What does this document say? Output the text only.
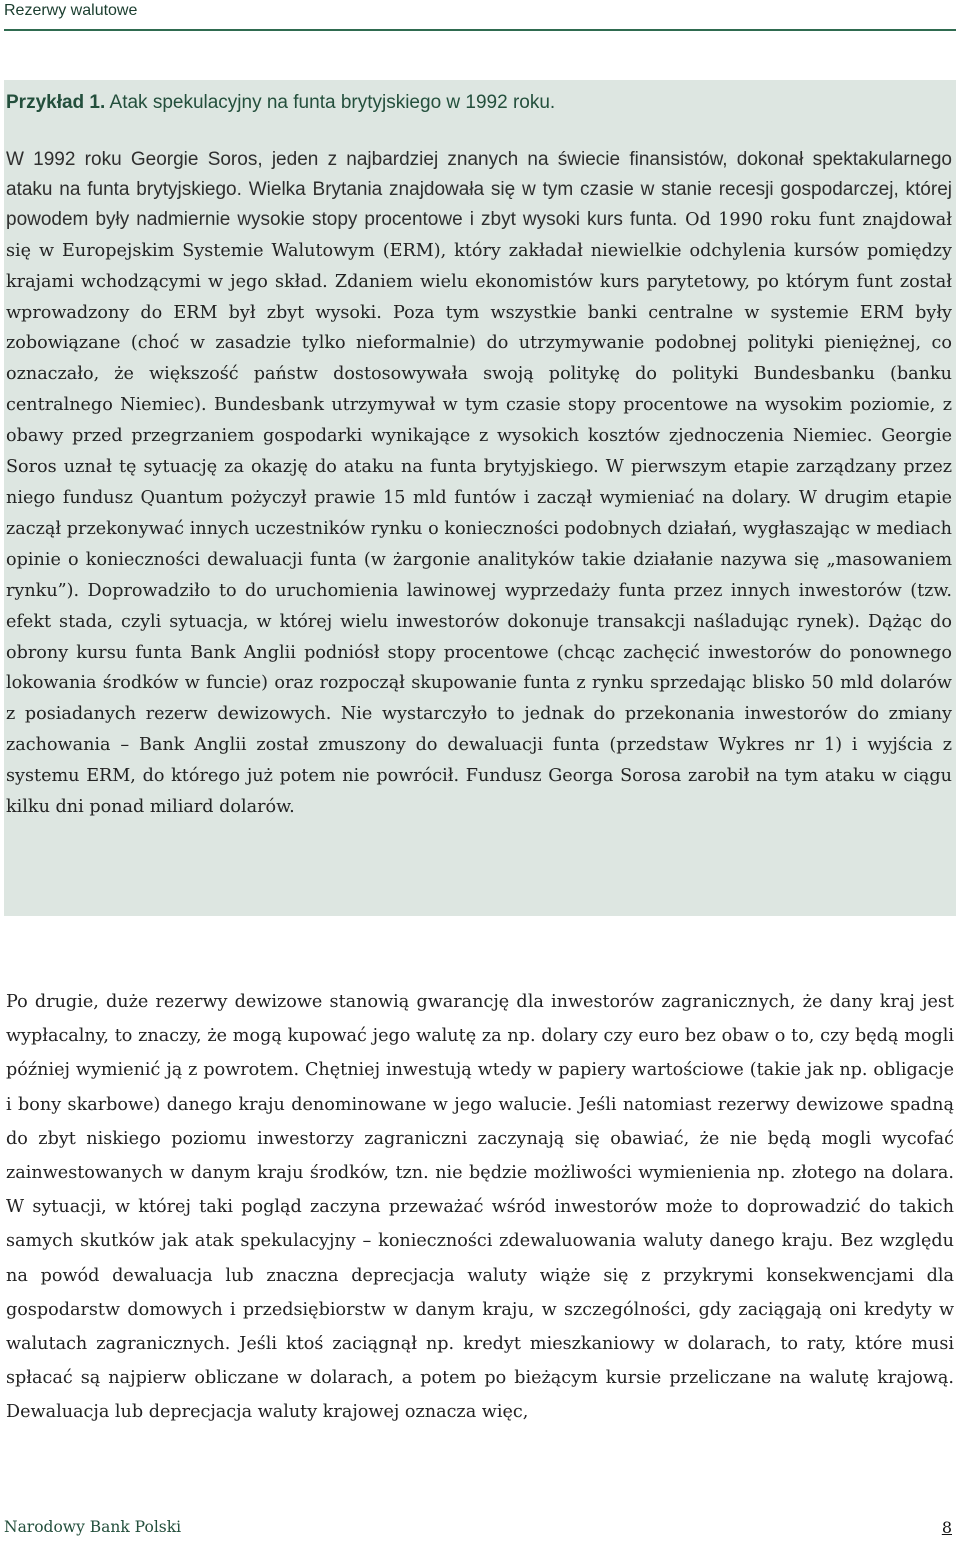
Rezerwy walutowe

Przykład 1. Atak spekulacyjny na funta brytyjskiego w 1992 roku.

W 1992 roku Georgie Soros, jeden z najbardziej znanych na świecie finansistów, dokonał spektakularnego ataku na funta brytyjskiego. Wielka Brytania znajdowała się w tym czasie w stanie recesji gospodarczej, której powodem były nadmiernie wysokie stopy procentowe i zbyt wysoki kurs funta. Od 1990 roku funt znajdował się w Europejskim Systemie Walutowym (ERM), który zakładał niewielkie odchylenia kursów pomiędzy krajami wchodzącymi w jego skład. Zdaniem wielu ekonomistów kurs parytetowy, po którym funt został wprowadzony do ERM był zbyt wysoki. Poza tym wszystkie banki centralne w systemie ERM były zobowiązane (choć w zasadzie tylko nieformalnie) do utrzymywanie podobnej polityki pieniężnej, co oznaczało, że większość państw dostosowywała swoją politykę do polityki Bundesbanku (banku centralnego Niemiec). Bundesbank utrzymywał w tym czasie stopy procentowe na wysokim poziomie, z obawy przed przegrzaniem gospodarki wynikające z wysokich kosztów zjednoczenia Niemiec. Georgie Soros uznał tę sytuację za okazję do ataku na funta brytyjskiego. W pierwszym etapie zarządzany przez niego fundusz Quantum pożyczył prawie 15 mld funtów i zaczął wymieniać na dolary. W drugim etapie zaczął przekonywać innych uczestników rynku o konieczności podobnych działań, wygłaszając w mediach opinie o konieczności dewaluacji funta (w żargonie analityków takie działanie nazywa się „masowaniem rynku”). Doprowadziło to do uruchomienia lawinowej wyprzedaży funta przez innych inwestorów (tzw. efekt stada, czyli sytuacja, w której wielu inwestorów dokonuje transakcji naśladując rynek). Dążąc do obrony kursu funta Bank Anglii podniósł stopy procentowe (chcąc zachęcić inwestorów do ponownego lokowania środków w funcie) oraz rozpoczął skupowanie funta z rynku sprzedając blisko 50 mld dolarów z posiadanych rezerw dewizowych. Nie wystarczyło to jednak do przekonania inwestorów do zmiany zachowania – Bank Anglii został zmuszony do dewaluacji funta (przedstaw Wykres nr 1) i wyjścia z systemu ERM, do którego już potem nie powrócił. Fundusz Georga Sorosa zarobił na tym ataku w ciągu kilku dni ponad miliard dolarów.

Po drugie, duże rezerwy dewizowe stanowią gwarancję dla inwestorów zagranicznych, że dany kraj jest wypłacalny, to znaczy, że mogą kupować jego walutę za np. dolary czy euro bez obaw o to, czy będą mogli później wymienić ją z powrotem. Chętniej inwestują wtedy w papiery wartościowe (takie jak np. obligacje i bony skarbowe) danego kraju denominowane w jego walucie. Jeśli natomiast rezerwy dewizowe spadną do zbyt niskiego poziomu inwestorzy zagraniczni zaczynają się obawiać, że nie będą mogli wycofać zainwestowanych w danym kraju środków, tzn. nie będzie możliwości wymienienia np. złotego na dolara. W sytuacji, w której taki pogląd zaczyna przeważać wśród inwestorów może to doprowadzić do takich samych skutków jak atak spekulacyjny – konieczności zdewaluowania waluty danego kraju. Bez względu na powód dewaluacja lub znaczna deprecjacja waluty wiąże się z przykrymi konsekwencjami dla gospodarstw domowych i przedsiębiorstw w danym kraju, w szczególności, gdy zaciągają oni kredyty w walutach zagranicznych. Jeśli ktoś zaciągnął np. kredyt mieszkaniowy w dolarach, to raty, które musi spłacać są najpierw obliczane w dolarach, a potem po bieżącym kursie przeliczane na walutę krajową. Dewaluacja lub deprecjacja waluty krajowej oznacza więc,

Narodowy Bank Polski	8
